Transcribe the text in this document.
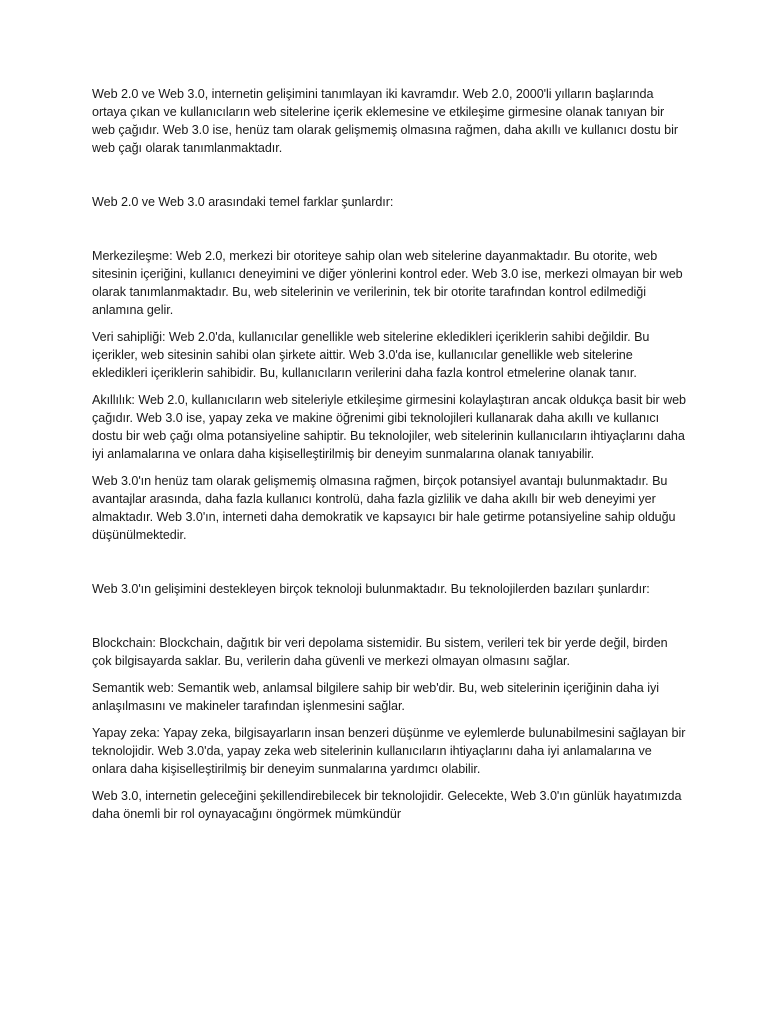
Web 2.0 ve Web 3.0, internetin gelişimini tanımlayan iki kavramdır. Web 2.0, 2000'li yılların başlarında ortaya çıkan ve kullanıcıların web sitelerine içerik eklemesine ve etkileşime girmesine olanak tanıyan bir web çağıdır. Web 3.0 ise, henüz tam olarak gelişmemiş olmasına rağmen, daha akıllı ve kullanıcı dostu bir web çağı olarak tanımlanmaktadır.

Web 2.0 ve Web 3.0 arasındaki temel farklar şunlardır:

Merkezileşme: Web 2.0, merkezi bir otoriteye sahip olan web sitelerine dayanmaktadır. Bu otorite, web sitesinin içeriğini, kullanıcı deneyimini ve diğer yönlerini kontrol eder. Web 3.0 ise, merkezi olmayan bir web olarak tanımlanmaktadır. Bu, web sitelerinin ve verilerinin, tek bir otorite tarafından kontrol edilmediği anlamına gelir.

Veri sahipliği: Web 2.0'da, kullanıcılar genellikle web sitelerine ekledikleri içeriklerin sahibi değildir. Bu içerikler, web sitesinin sahibi olan şirkete aittir. Web 3.0'da ise, kullanıcılar genellikle web sitelerine ekledikleri içeriklerin sahibidir. Bu, kullanıcıların verilerini daha fazla kontrol etmelerine olanak tanır.

Akıllılık: Web 2.0, kullanıcıların web siteleriyle etkileşime girmesini kolaylaştıran ancak oldukça basit bir web çağıdır. Web 3.0 ise, yapay zeka ve makine öğrenimi gibi teknolojileri kullanarak daha akıllı ve kullanıcı dostu bir web çağı olma potansiyeline sahiptir. Bu teknolojiler, web sitelerinin kullanıcıların ihtiyaçlarını daha iyi anlamalarına ve onlara daha kişiselleştirilmiş bir deneyim sunmalarına olanak tanıyabilir.

Web 3.0'ın henüz tam olarak gelişmemiş olmasına rağmen, birçok potansiyel avantajı bulunmaktadır. Bu avantajlar arasında, daha fazla kullanıcı kontrolü, daha fazla gizlilik ve daha akıllı bir web deneyimi yer almaktadır. Web 3.0'ın, interneti daha demokratik ve kapsayıcı bir hale getirme potansiyeline sahip olduğu düşünülmektedir.

Web 3.0'ın gelişimini destekleyen birçok teknoloji bulunmaktadır. Bu teknolojilerden bazıları şunlardır:

Blockchain: Blockchain, dağıtık bir veri depolama sistemidir. Bu sistem, verileri tek bir yerde değil, birden çok bilgisayarda saklar. Bu, verilerin daha güvenli ve merkezi olmayan olmasını sağlar.

Semantik web: Semantik web, anlamsal bilgilere sahip bir web'dir. Bu, web sitelerinin içeriğinin daha iyi anlaşılmasını ve makineler tarafından işlenmesini sağlar.

Yapay zeka: Yapay zeka, bilgisayarların insan benzeri düşünme ve eylemlerde bulunabilmesini sağlayan bir teknolojidir. Web 3.0'da, yapay zeka web sitelerinin kullanıcıların ihtiyaçlarını daha iyi anlamalarına ve onlara daha kişiselleştirilmiş bir deneyim sunmalarına yardımcı olabilir.

Web 3.0, internetin geleceğini şekillendirebilecek bir teknolojidir. Gelecekte, Web 3.0'ın günlük hayatımızda daha önemli bir rol oynayacağını öngörmek mümkündür
